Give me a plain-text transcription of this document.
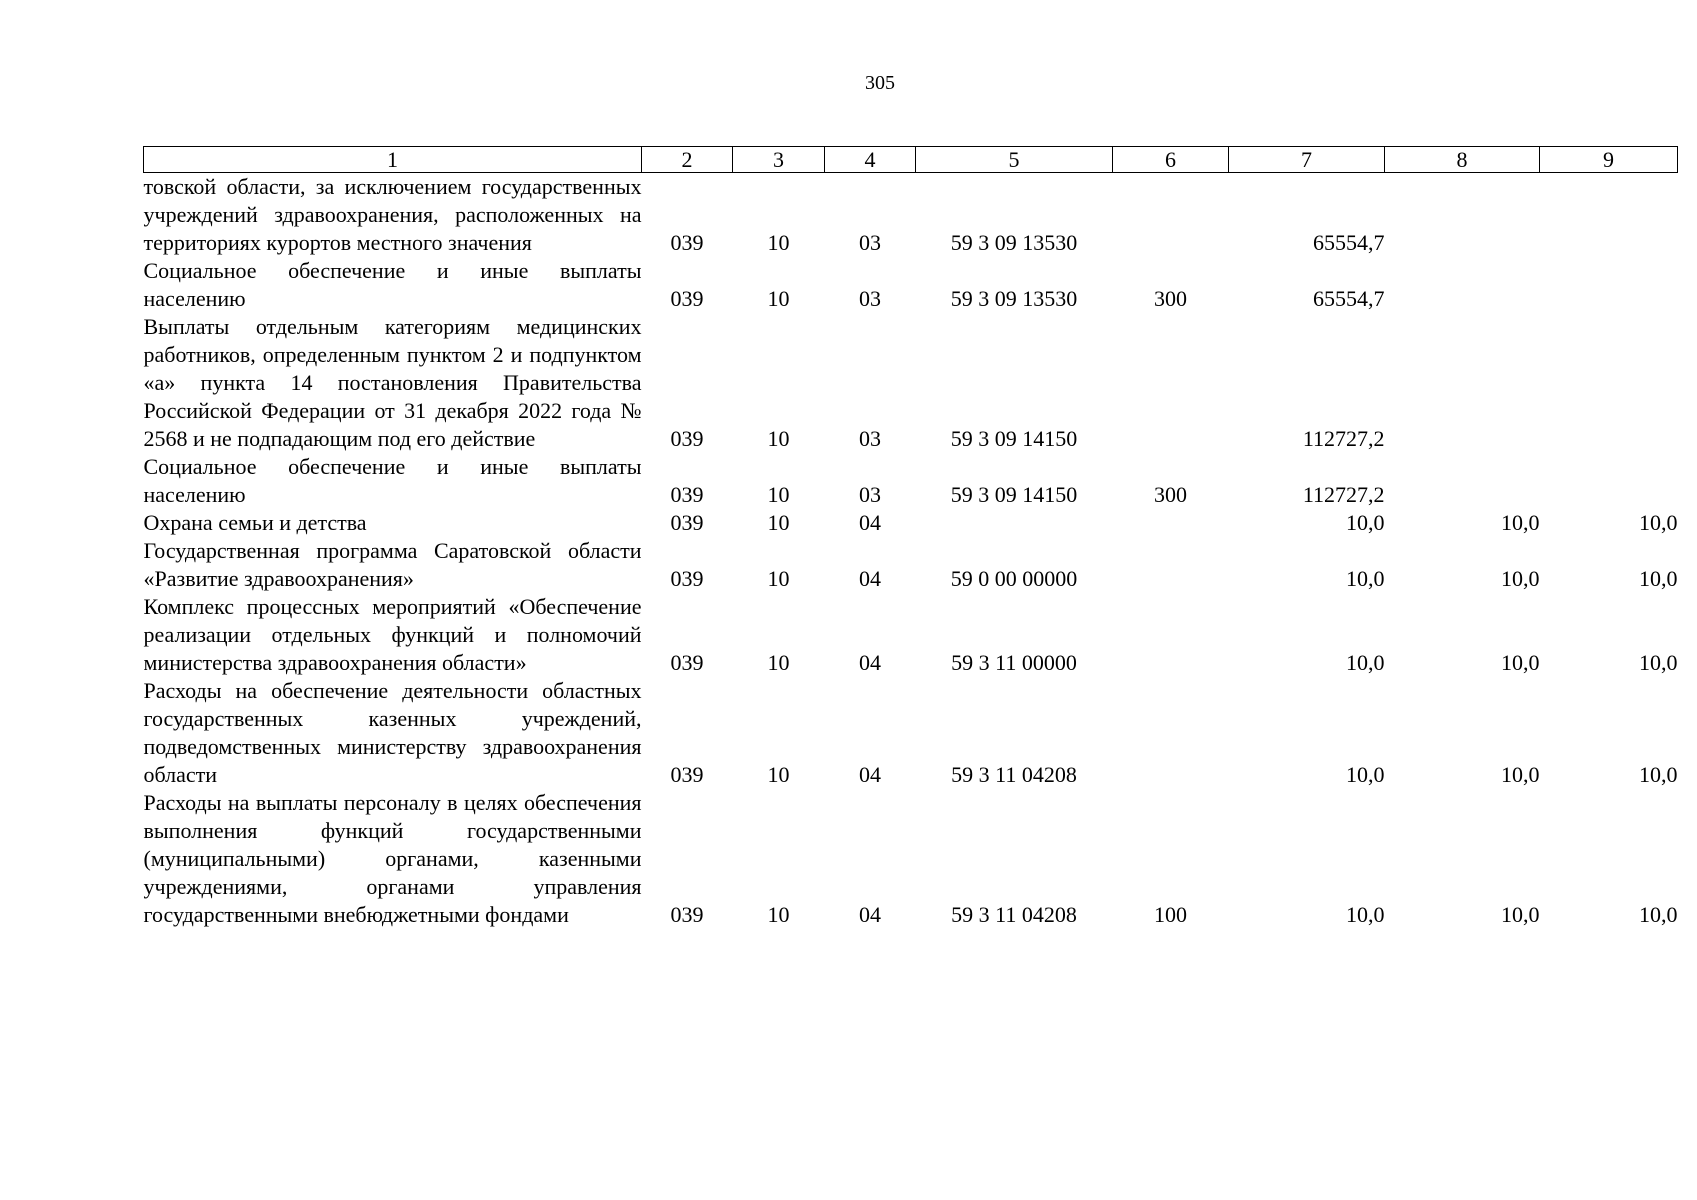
305
1	2	3	4	5	6	7	8	9
товской области, за исключением государственных учреждений здравоохранения, расположенных на территориях курортов местного значения	039	10	03	59 3 09 13530		65554,7		
Социальное обеспечение и иные выплаты населению	039	10	03	59 3 09 13530	300	65554,7		
Выплаты отдельным категориям медицинских работников, определенным пунктом 2 и подпунктом «а» пункта 14 постановления Правительства Российской Федерации от 31 декабря 2022 года № 2568 и не подпадающим под его действие	039	10	03	59 3 09 14150		112727,2		
Социальное обеспечение и иные выплаты населению	039	10	03	59 3 09 14150	300	112727,2		
Охрана семьи и детства	039	10	04			10,0	10,0	10,0
Государственная программа Саратовской области «Развитие здравоохранения»	039	10	04	59 0 00 00000		10,0	10,0	10,0
Комплекс процессных мероприятий «Обеспечение реализации отдельных функций и полномочий министерства здравоохранения области»	039	10	04	59 3 11 00000		10,0	10,0	10,0
Расходы на обеспечение деятельности областных государственных казенных учреждений, подведомственных министерству здравоохранения области	039	10	04	59 3 11 04208		10,0	10,0	10,0
Расходы на выплаты персоналу в целях обеспечения выполнения функций государственными (муниципальными) органами, казенными учреждениями, органами управления государственными внебюджетными фондами	039	10	04	59 3 11 04208	100	10,0	10,0	10,0
